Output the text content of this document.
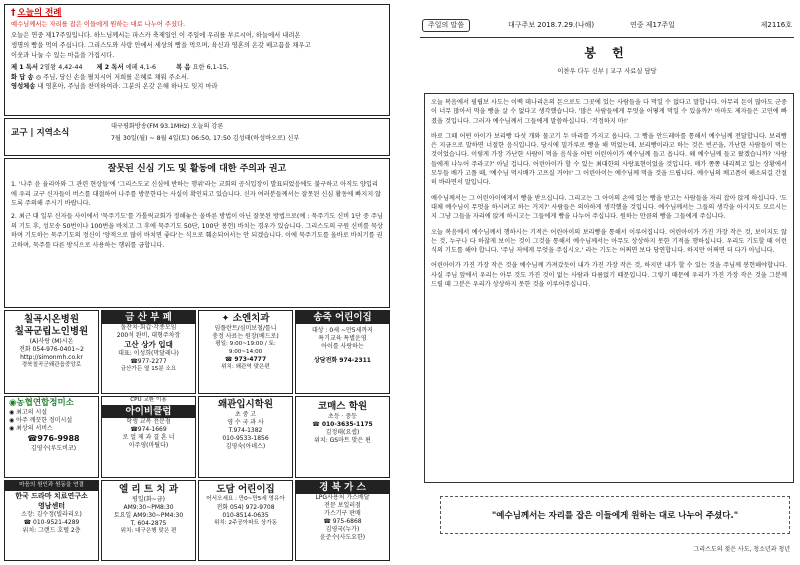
† 오늘의 전례

예수님께서는 자리를 잡은 이들에게 원하는 대로 나누어 주셨다.

오늘은 연중 제17주일입니다. 하느님께서는 파스카 축제일인 이 주일에 우리를 부르시어, 하늘에서 내려온

생명의 빵을 먹여 주십니다. 그리스도와 사랑 안에서 세상의 빵을 먹으며, 육신과 영혼의 온갖 배고픔을 채우고

이웃과 나눌 수 있는 마음을 가집시다.

제 1 독서 2열왕 4,42-44 제 2 독서 에페 4,1-6	복 음 요한 6,1-15,
화 답 송 ◎ 주님, 당신 손을 펼치시어 저희를 은혜로 채워 주소서.
영성체송 내 영혼아, 주님을 찬미하여라. 그분의 온갖 은혜 하나도 잊지 마라
교구 | 지역소식
대구평화방송(FM 93.1MHz) 오늘의 강론
7월 30일(월) ~ 8월 4일(토) 06:50, 17:50 김성태(하성바오로) 신부
잘못된 신심 기도 및 활동에 대한 주의과 권고

1. '나주 윤 율리아와 그 관련 현상들'에 '그리스도교 신심에 반하는 행위'라는 교회의 공식입장이 발표되었음에도 불구하고 아직도 양입리에 우리 교구 신자들이 버스를 대절하여 나주를 방문한다는 사실이 확인되고 있습니다. 신자 여러분들께서는 잘못된 신심 활동에 빠지지 않도록 주의해 주시기 바랍니다.

2. 최근 대 일부 신자들 사이에서 '묵주기도'를 가톨릭교회가 정해놓은 올바른 방법이 아닌 잘못된 방법으로(예 : 묵주기도 신비 1단 중 주님의 기도 후, 성모송 50번이나 100번을 바치고 그 후에 묵주기도 50단, 100단 봉헌) 바치는 경우가 있습니다. 그리스도의 구원 신비를 묵상하며 기도하는 묵주기도의 정신이 '양적으로 많이 바치면 좋다'는 식으로 훼손되어서는 안 되겠습니다. 이에 묵주기도를 올바로 바치기를 권고하며, 묵주를 다른 방식으로 사용하는 행위를 금합니다.

칠곡시온병원
칠곡군립노인병원
(A)사랑 (M)시온
전화 054-976-0401~2
http://simonmh.co.kr
경북칠곡군왜관읍중앙로
금 산 부 페
돌잔치·회갑·각종모임
200석 완비, 대형주차장
고산 상가 입대
대표: 이성희(막달레나)
☎977-2277
금산가든 옆 15분 소요
✦ 소엔치과
임플란트/심미보철/틀니
충정 사료는 원장(베드로)
평일: 9:00~19:00 / 토: 9:00~14:00
☎ 973-4777
위치: 왜관역 맞은편
송죽 어린이집
대상 : 0세 ~만5세까지
특기교육 특별운영
아이를 사랑하는
상담전화 974-2311
◉농협연합정미소
◉ 최고의 시설
◉ 아주 깨끗한 정미시설
◉ 최상의 서비스
☎976-9988
김영수(루도비코)
CPU 교환 이용
아이비클럽
학생 교복 전문점
☎974-1669
로 얼 제 과 결 혼 너
이주영(마틸다)
왜관입시학원
초 중 고
영 수 국 과 사
T.974-1382
010-9533-1856
김영숙(아녜스)
코매스 학원
초등 · 중등
☎ 010-3635-1175
김정태(요셉)
위치: GS마트 맞은 편
마음의 원인과 원동을 연결
한국 드라마 치료연구소
영남센터
소장: 김수정(빌라리오)
☎ 010-9521-4289
위치: 그랜드 호텔 2층
엘 리 트 치 과
평일(화~금)
AM9:30~PM8:30
토요일 AM9:30~PM4:30
T. 604-2875
위치: 대구은행 맞은 편
도담 어린이집
어서오세요 : 만0~만5세 영유아
전화 054) 972-9708
010-8514-0635
위치: 2주공아파트 상가동
경 북 가 스
LPG사용처 가스배달
전문 보일러점
가스기구 판매
☎ 975-6868
김영국(누가)
윤준수(사도요한)
주일의 말씀	대구주보 2018.7.29.(나해)	연중 제17주일	제2116호
봉 헌
이찬우 다두 신부 | 교구 사료실 담당

오늘 복음에서 필립보 사도는 이백 데나리온의 돈으로도 그곳에 있는 사람들을 다 먹일 수 없다고 말합니다. 아무리 돈이 많아도 군중이 너무 많아서 먹을 빵을 살 수 없다고 생각했습니다. '많은 사람들에게 무엇을 어떻게 먹일 수 있을까?' 아마도 제자들은 고민에 빠졌을 것입니다. 그러자 예수님께서 그들에게 말씀하십니다. '걱정하지 마!'

바로 그때 어떤 아이가 보리빵 다섯 개와 물고기 두 마리를 가지고 옵니다. 그 빵을 안드레아를 통해서 예수님께 전달합니다. 보리빵은 지금으로 말하면 너절한 음식입니다. 당시에 밀가루로 빵을 해 먹었는데, 보리빵이라고 하는 것은 빈곤을, 가난한 사람들이 먹는 것이었습니다. 이렇게 가장 가난한 사람이 먹을 음식을 어떤 어린아이가 예수님께 들고 옵니다. 왜 예수님께 들고 왔겠습니까? '사람들에게 나누어 주라고?' 아닐 겁니다. 어린아이가 할 수 있는 최대한의 사랑표현이었을 것입니다. 매가 쫑쫑 내리쬐고 있는 상황에서 모두들 배가 고플 때, '예수님 먹시배가 고프실 거야!' 그 어린아이는 예수님께 먹을 것을 드립니다. 예수님의 배고픔이 해소되길 간절히 바라면서 말입니다.

예수님께서는 그 어린아이에게서 빵을 받으십니다. 그리고는 그 아이의 손에 있는 빵을 받고는 사람들을 자리 잡아 앉게 하십니다. '도대체 예수님이 무엇을 하시려고 하는 거지?' 사람들은 의아하게 생각했을 것입니다. 예수님께서는 그들의 생각을 아시지도 모르시는지 그냥 그들을 자리에 앉게 하시고는 그들에게 빵을 나누어 주십니다. 원하는 만큼의 빵을 그들에게 주십니다.

오늘 복음에서 예수님께서 행하시는 기적은 어린아이의 보리빵을 통해서 이루어집니다. 어린아이가 가진 가장 작은 것, 보이지도 않는 것, 누구나 다 하찮게 보이는 것이 그것을 통해서 예수님께서는 아무도 상상하지 못한 기적을 행하십니다. 우리도 기도할 때 이런 식의 기도를 해야 합니다. '주님 저에게 무엇을 주십시오.' 라는 기도는 어쩌면 보다 당연합니다. 하지만 어쩌면 더 다가 아닙니다.

어린아이가 가진 가장 작은 것을 예수님께 가져갔듯이 내가 가진 가장 작은 것, 하지만 내가 할 수 있는 것을 주님께 봉헌해야합니다. 사실 주님 앞에서 우리는 아무 것도 가진 것이 없는 사람과 다름없기 때문입니다. 그렇기 때문에 우리가 가진 가장 작은 것을 그분께 드릴 때 그분은 우리가 상상하지 못한 것을 이루어주십니다.

"예수님께서는 자리를 잡은 이들에게 원하는 대로 나누어 주셨다."
그리스도의 젖은 사도, 청소년과 청년
